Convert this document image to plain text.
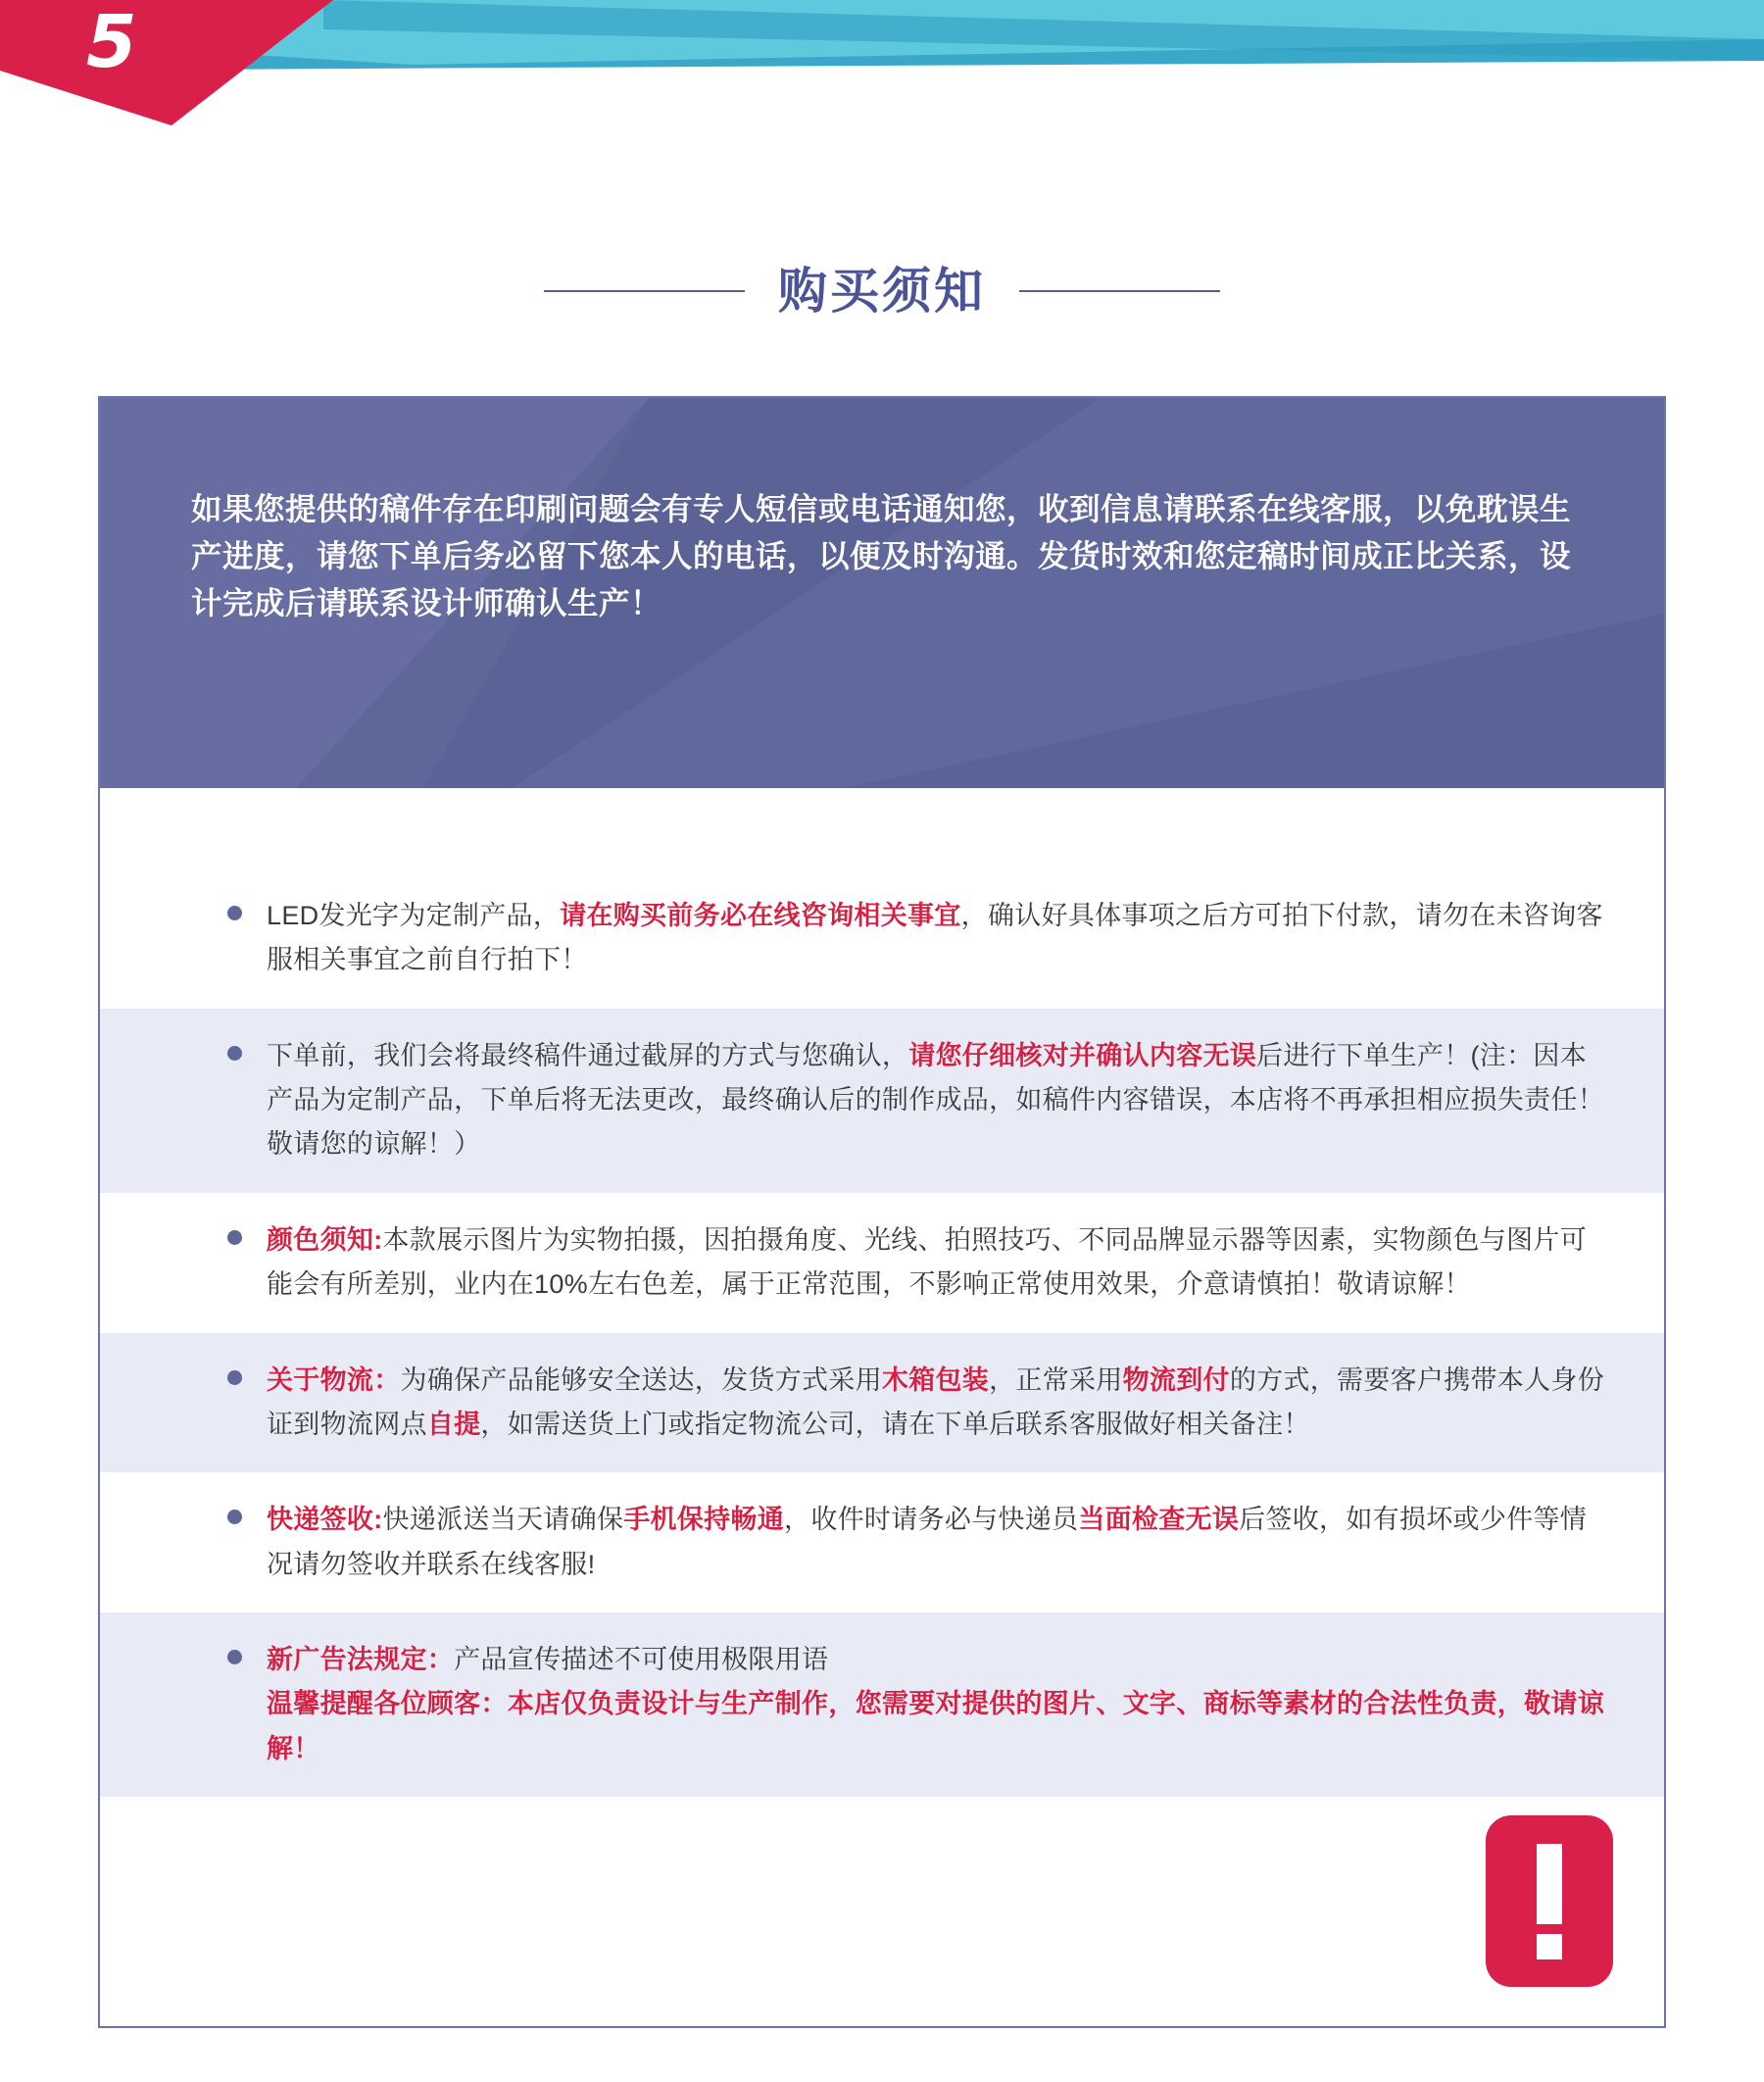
5
购买须知
如果您提供的稿件存在印刷问题会有专人短信或电话通知您，收到信息请联系在线客服，以免耽误生产进度，请您下单后务必留下您本人的电话，以便及时沟通。发货时效和您定稿时间成正比关系，设计完成后请联系设计师确认生产！
LED发光字为定制产品，请在购买前务必在线咨询相关事宜，确认好具体事项之后方可拍下付款，请勿在未咨询客服相关事宜之前自行拍下！
下单前，我们会将最终稿件通过截屏的方式与您确认，请您仔细核对并确认内容无误后进行下单生产！(注：因本产品为定制产品，下单后将无法更改，最终确认后的制作成品，如稿件内容错误，本店将不再承担相应损失责任！敬请您的谅解！）
颜色须知:本款展示图片为实物拍摄，因拍摄角度、光线、拍照技巧、不同品牌显示器等因素，实物颜色与图片可能会有所差别，业内在10%左右色差，属于正常范围，不影响正常使用效果，介意请慎拍！敬请谅解！
关于物流：为确保产品能够安全送达，发货方式采用木箱包装，正常采用物流到付的方式，需要客户携带本人身份证到物流网点自提，如需送货上门或指定物流公司，请在下单后联系客服做好相关备注！
快递签收:快递派送当天请确保手机保持畅通，收件时请务必与快递员当面检查无误后签收，如有损坏或少件等情况请勿签收并联系在线客服!
新广告法规定：产品宣传描述不可使用极限用语
温馨提醒各位顾客：本店仅负责设计与生产制作，您需要对提供的图片、文字、商标等素材的合法性负责，敬请谅解！
